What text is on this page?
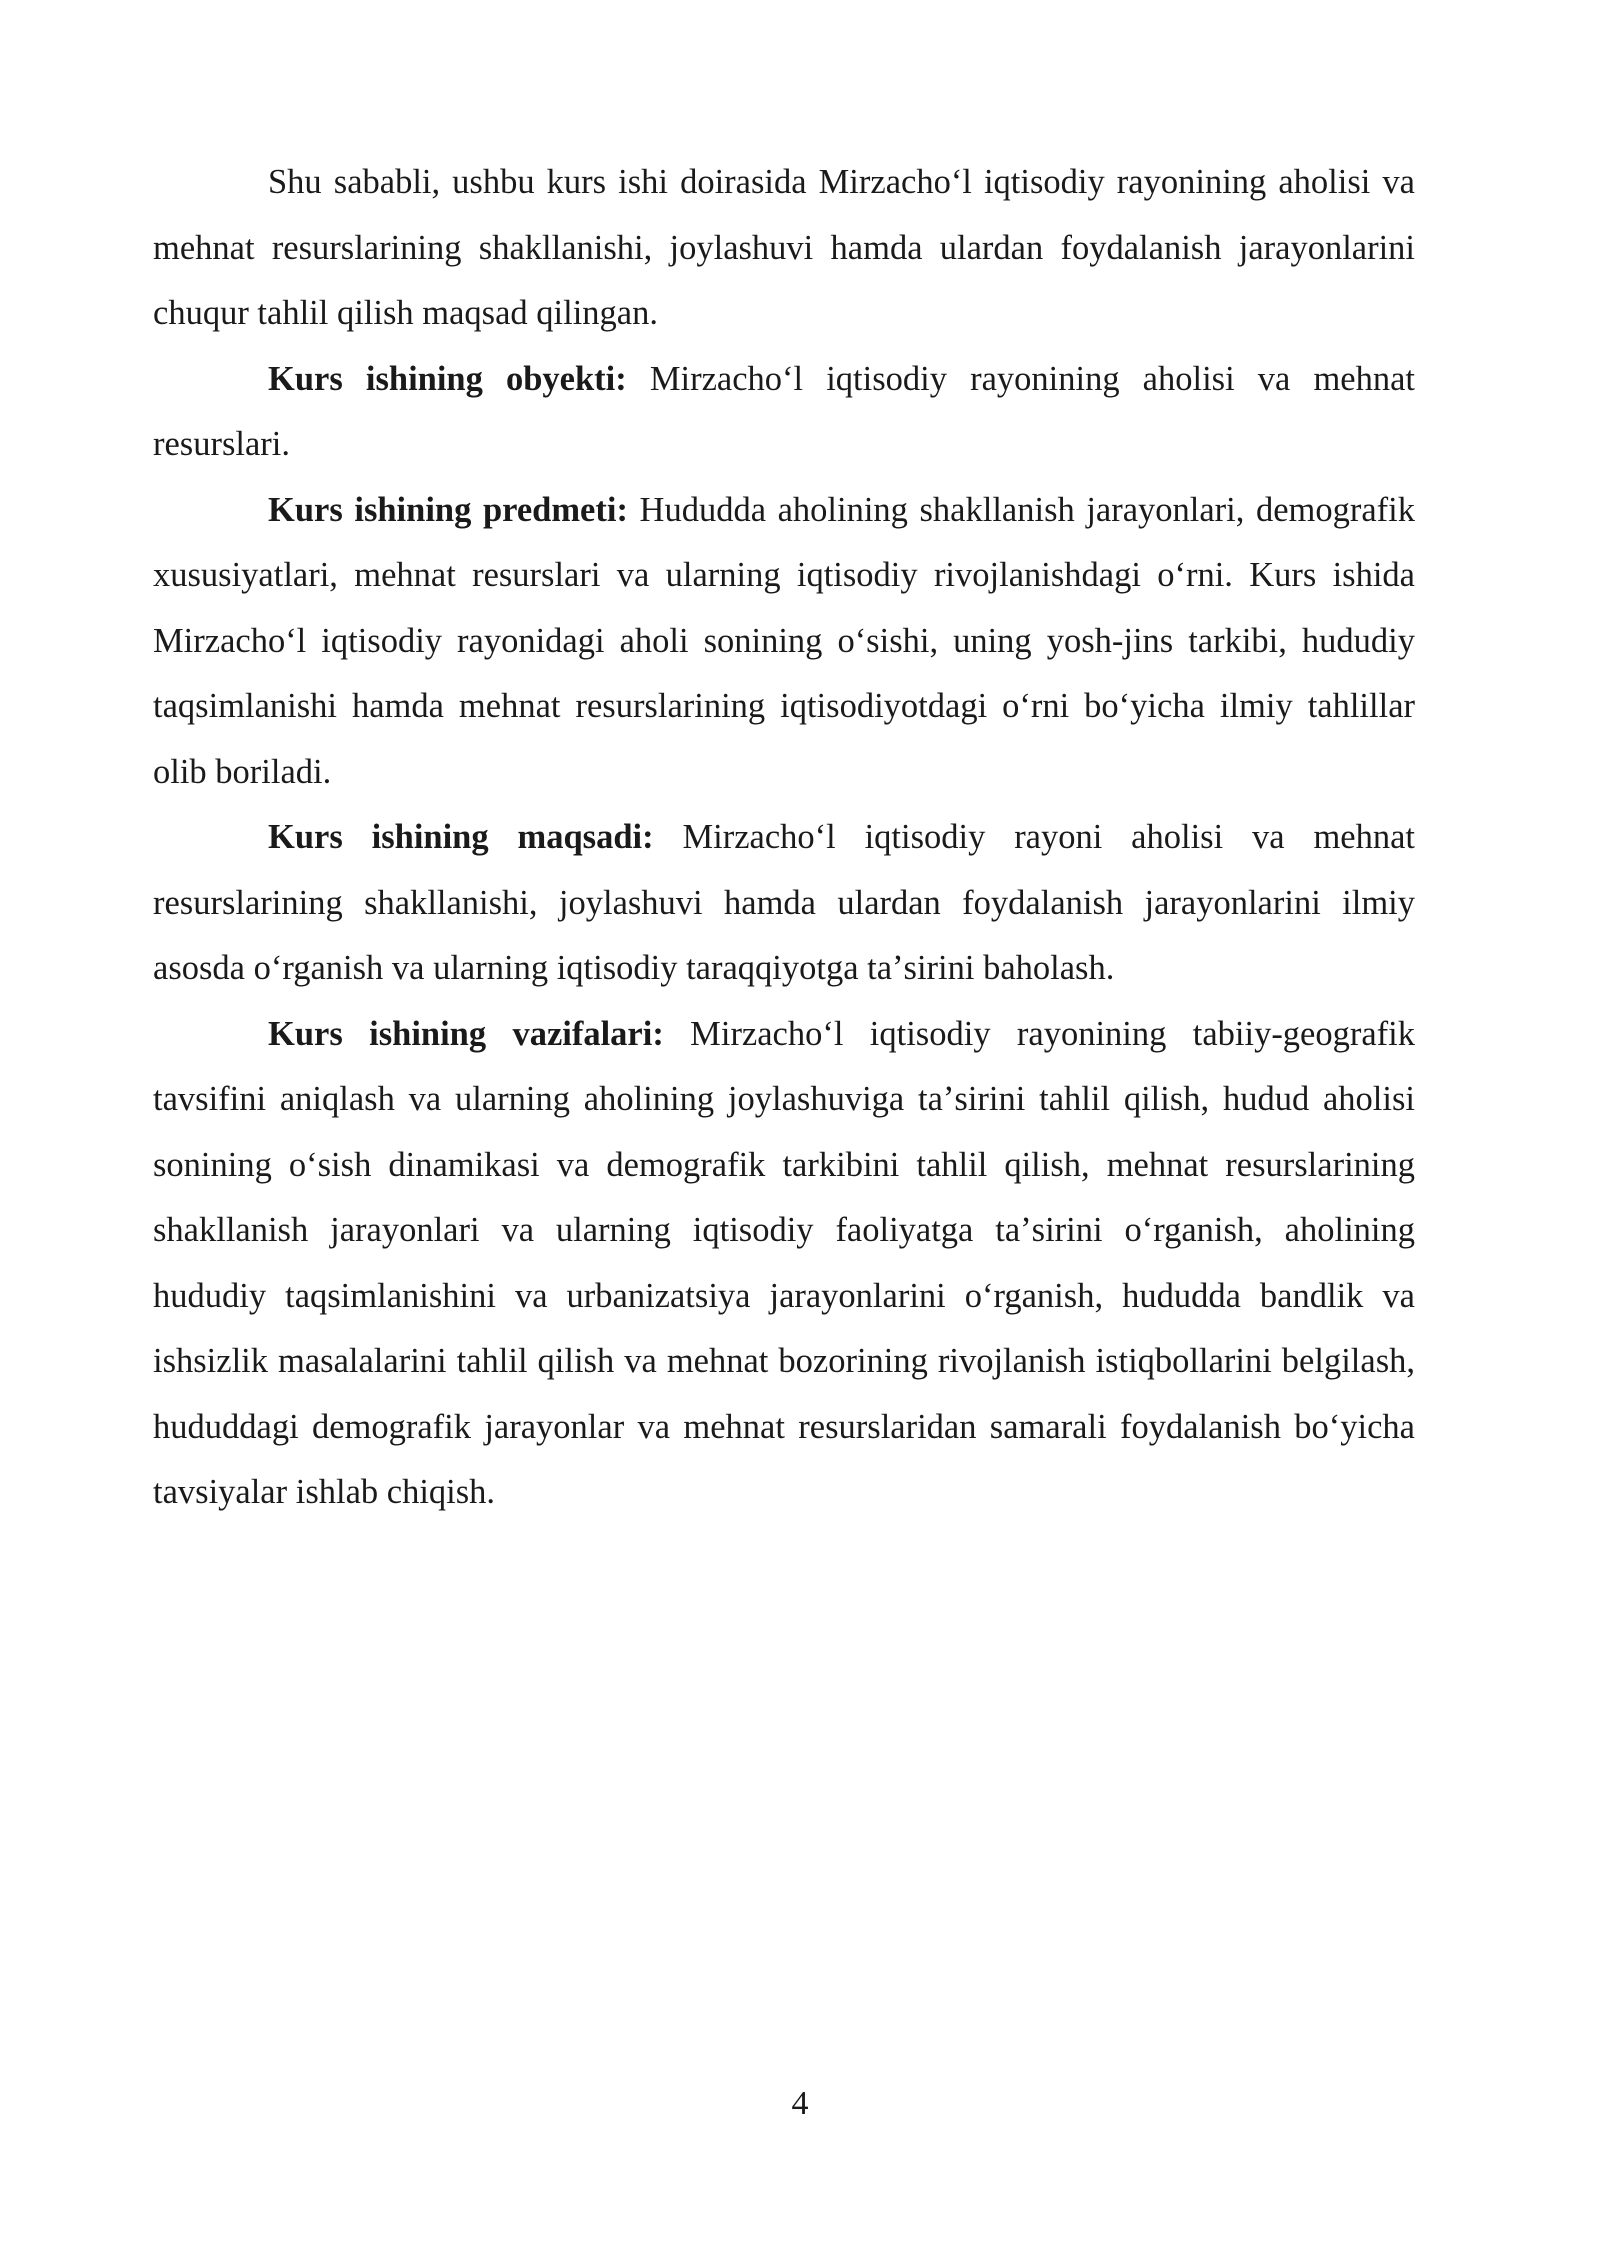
Shu sababli, ushbu kurs ishi doirasida Mirzachoʻl iqtisodiy rayonining aholisi va mehnat resurslarining shakllanishi, joylashuvi hamda ulardan foydalanish jarayonlarini chuqur tahlil qilish maqsad qilingan.

Kurs ishining obyekti: Mirzachoʻl iqtisodiy rayonining aholisi va mehnat resurslari.

Kurs ishining predmeti: Hududda aholining shakllanish jarayonlari, demografik xususiyatlari, mehnat resurslari va ularning iqtisodiy rivojlanishdagi oʻrni. Kurs ishida Mirzachoʻl iqtisodiy rayonidagi aholi sonining oʻsishi, uning yosh-jins tarkibi, hududiy taqsimlanishi hamda mehnat resurslarining iqtisodiyotdagi oʻrni boʻyicha ilmiy tahlillar olib boriladi.

Kurs ishining maqsadi: Mirzachoʻl iqtisodiy rayoni aholisi va mehnat resurslarining shakllanishi, joylashuvi hamda ulardan foydalanish jarayonlarini ilmiy asosda oʻrganish va ularning iqtisodiy taraqqiyotga taʼsirini baholash.

Kurs ishining vazifalari: Mirzachoʻl iqtisodiy rayonining tabiiy-geografik tavsifini aniqlash va ularning aholining joylashuviga taʼsirini tahlil qilish, hudud aholisi sonining oʻsish dinamikasi va demografik tarkibini tahlil qilish, mehnat resurslarining shakllanish jarayonlari va ularning iqtisodiy faoliyatga taʼsirini oʻrganish, aholining hududiy taqsimlanishini va urbanizatsiya jarayonlarini oʻrganish, hududda bandlik va ishsizlik masalalarini tahlil qilish va mehnat bozorining rivojlanish istiqbollarini belgilash, hududdagi demografik jarayonlar va mehnat resurslaridan samarali foydalanish boʻyicha tavsiyalar ishlab chiqish.

4
